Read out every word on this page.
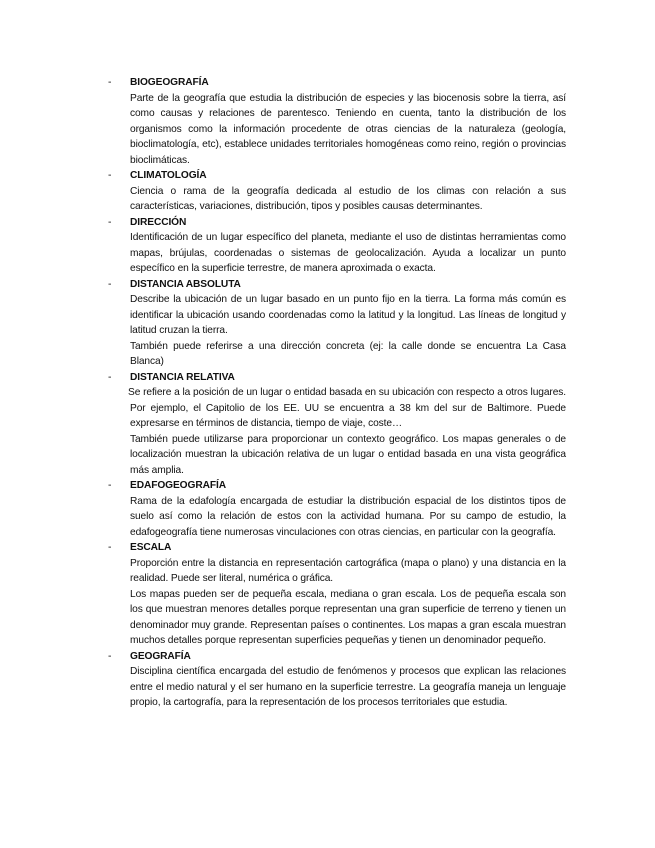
- BIOGEOGRAFÍA

Parte de la geografía que estudia la distribución de especies y las biocenosis sobre la tierra, así como causas y relaciones de parentesco. Teniendo en cuenta, tanto la distribución de los organismos como la información procedente de otras ciencias de la naturaleza (geología, bioclimatología, etc), establece unidades territoriales homogéneas como reino, región o provincias bioclimáticas.

- CLIMATOLOGÍA

Ciencia o rama de la geografía dedicada al estudio de los climas con relación a sus características, variaciones, distribución, tipos y posibles causas determinantes.

- DIRECCIÓN

Identificación de un lugar específico del planeta, mediante el uso de distintas herramientas como mapas, brújulas, coordenadas o sistemas de geolocalización. Ayuda a localizar un punto específico en la superficie terrestre, de manera aproximada o exacta.

- DISTANCIA ABSOLUTA

Describe la ubicación de un lugar basado en un punto fijo en la tierra. La forma más común es identificar la ubicación usando coordenadas como la latitud y la longitud. Las líneas de longitud y latitud cruzan la tierra.

También puede referirse a una dirección concreta (ej: la calle donde se encuentra La Casa Blanca)

- DISTANCIA RELATIVA

Se refiere a la posición de un lugar o entidad basada en su ubicación con respecto a otros lugares. Por ejemplo, el Capitolio de los EE. UU se encuentra a 38 km del sur de Baltimore. Puede expresarse en términos de distancia, tiempo de viaje, coste…

También puede utilizarse para proporcionar un contexto geográfico. Los mapas generales o de localización muestran la ubicación relativa de un lugar o entidad basada en una vista geográfica más amplia.

- EDAFOGEOGRAFÍA

Rama de la edafología encargada de estudiar la distribución espacial de los distintos tipos de suelo así como la relación de estos con la actividad humana. Por su campo de estudio, la edafogeografía tiene numerosas vinculaciones con otras ciencias, en particular con la geografía.

- ESCALA

Proporción entre la distancia en representación cartográfica (mapa o plano) y una distancia en la realidad. Puede ser literal, numérica o gráfica.

Los mapas pueden ser de pequeña escala, mediana o gran escala. Los de pequeña escala son los que muestran menores detalles porque representan una gran superficie de terreno y tienen un denominador muy grande. Representan países o continentes. Los mapas a gran escala muestran muchos detalles porque representan superficies pequeñas y tienen un denominador pequeño.

- GEOGRAFÍA

Disciplina científica encargada del estudio de fenómenos y procesos que explican las relaciones entre el medio natural y el ser humano en la superficie terrestre. La geografía maneja un lenguaje propio, la cartografía, para la representación de los procesos territoriales que estudia.
